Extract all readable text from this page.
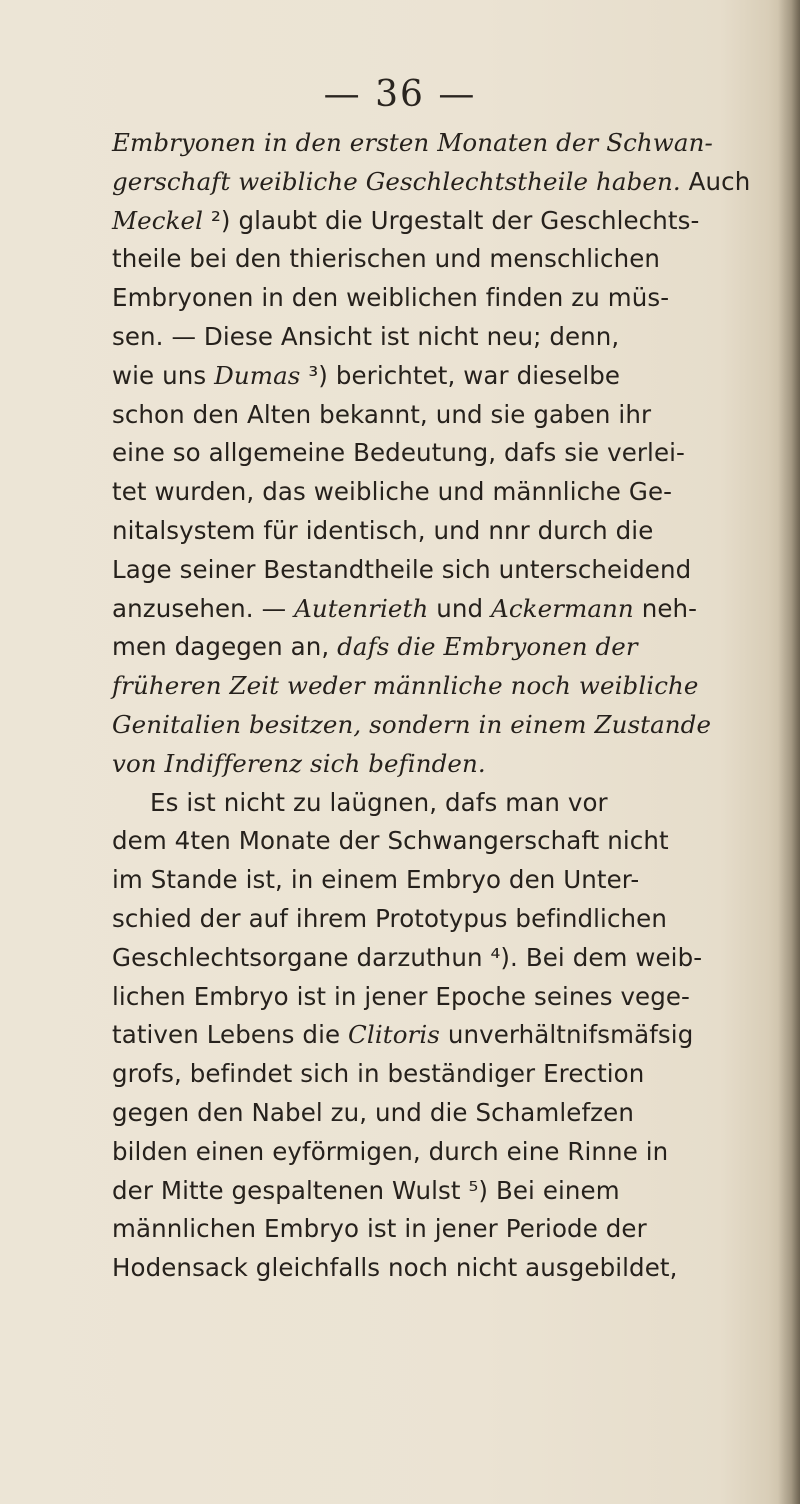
— 36 —

Embryonen in den ersten Monaten der Schwan-
gerschaft weibliche Geschlechtstheile haben. Auch
Meckel ²) glaubt die Urgestalt der Geschlechts-
theile bei den thierischen und menschlichen
Embryonen in den weiblichen finden zu müs-
sen. — Diese Ansicht ist nicht neu; denn,
wie uns Dumas ³) berichtet, war dieselbe
schon den Alten bekannt, und sie gaben ihr
eine so allgemeine Bedeutung, dafs sie verlei-
tet wurden, das weibliche und männliche Ge-
nitalsystem für identisch, und nnr durch die
Lage seiner Bestandtheile sich unterscheidend
anzusehen. — Autenrieth und Ackermann neh-
men dagegen an, dafs die Embryonen der
früheren Zeit weder männliche noch weibliche
Genitalien besitzen, sondern in einem Zustande
von Indifferenz sich befinden.
Es ist nicht zu laügnen, dafs man vor
dem 4ten Monate der Schwangerschaft nicht
im Stande ist, in einem Embryo den Unter-
schied der auf ihrem Prototypus befindlichen
Geschlechtsorgane darzuthun ⁴). Bei dem weib-
lichen Embryo ist in jener Epoche seines vege-
tativen Lebens die Clitoris unverhältnifsmäfsig
grofs, befindet sich in beständiger Erection
gegen den Nabel zu, und die Schamlefzen
bilden einen eyförmigen, durch eine Rinne in
der Mitte gespaltenen Wulst ⁵) Bei einem
männlichen Embryo ist in jener Periode der
Hodensack gleichfalls noch nicht ausgebildet,
